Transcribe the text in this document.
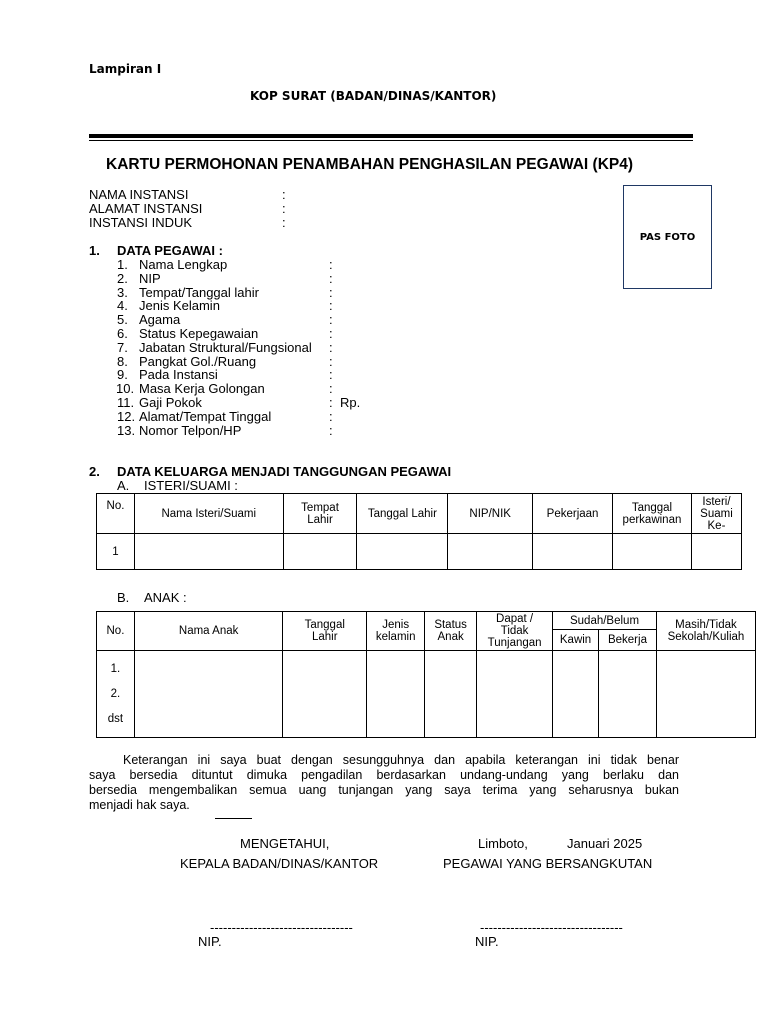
Lampiran I
KOP SURAT (BADAN/DINAS/KANTOR)
KARTU PERMOHONAN PENAMBAHAN PENGHASILAN PEGAWAI (KP4)
PAS FOTO
NAMA INSTANSI	:
ALAMAT INSTANSI	:
INSTANSI INDUK	:
1. DATA PEGAWAI :
1. Nama Lengkap	:
2. NIP	:
3. Tempat/Tanggal lahir	:
4. Jenis Kelamin	:
5. Agama	:
6. Status Kepegawaian	:
7. Jabatan Struktural/Fungsional :
8. Pangkat Gol./Ruang	:
9. Pada Instansi	:
10. Masa Kerja Golongan	:
11. Gaji Pokok	: Rp.
12. Alamat/Tempat Tinggal	:
13. Nomor Telpon/HP	:
2. DATA KELUARGA MENJADI TANGGUNGAN PEGAWAI
A. ISTERI/SUAMI :
No.	Nama Isteri/Suami	Tempat Lahir	Tanggal Lahir	NIP/NIK	Pekerjaan	Tanggal perkawinan	Isteri/ Suami Ke-

1							
B. ANAK :
No.	Nama Anak	Tanggal Lahir	Jenis kelamin	Status Anak	Dapat / Tidak Tunjangan	Sudah/Belum		Masih/Tidak Sekolah/Kuliah

						Kawin	Bekerja	

1.
2.
dst								

Keterangan ini saya buat dengan sesungguhnya dan apabila keterangan ini tidak benar
saya bersedia dituntut dimuka pengadilan berdasarkan undang-undang yang berlaku dan
bersedia mengembalikan semua uang tunjangan yang saya terima yang seharusnya bukan
menjadi hak saya.
MENGETAHUI,
KEPALA BADAN/DINAS/KANTOR
---------------------------------
NIP.
Limboto,	Januari 2025
PEGAWAI YANG BERSANGKUTAN
---------------------------------
NIP.
